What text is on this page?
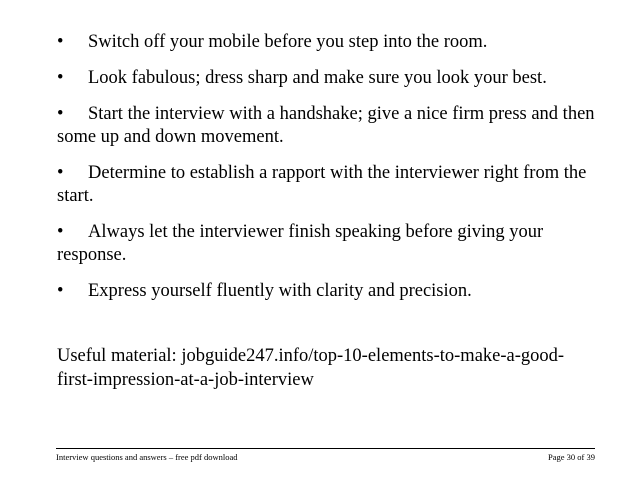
• Switch off your mobile before you step into the room.
• Look fabulous; dress sharp and make sure you look your best.
• Start the interview with a handshake; give a nice firm press and then some up and down movement.
• Determine to establish a rapport with the interviewer right from the start.
• Always let the interviewer finish speaking before giving your response.
• Express yourself fluently with clarity and precision.
Useful material: jobguide247.info/top-10-elements-to-make-a-good-first-impression-at-a-job-interview
Interview questions and answers – free pdf download	Page 30 of 39
